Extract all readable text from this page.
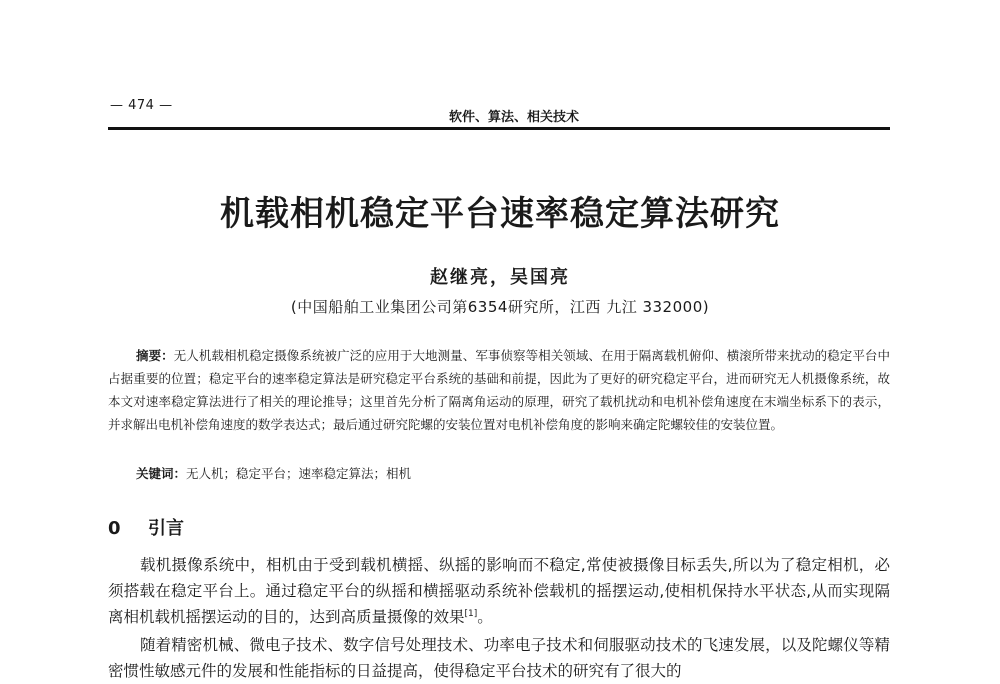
— 474 —
软件、算法、相关技术
机载相机稳定平台速率稳定算法研究
赵继亮，吴国亮
(中国船舶工业集团公司第6354研究所，江西 九江 332000)

摘要：无人机载相机稳定摄像系统被广泛的应用于大地测量、军事侦察等相关领域、在用于隔离载机俯仰、横滚所带来扰动的稳定平台中占据重要的位置；稳定平台的速率稳定算法是研究稳定平台系统的基础和前提，因此为了更好的研究稳定平台，进而研究无人机摄像系统，故本文对速率稳定算法进行了相关的理论推导；这里首先分析了隔离角运动的原理，研究了载机扰动和电机补偿角速度在末端坐标系下的表示，并求解出电机补偿角速度的数学表达式；最后通过研究陀螺的安装位置对电机补偿角度的影响来确定陀螺较佳的安装位置。

关键词：无人机；稳定平台；速率稳定算法；相机

0 引言

载机摄像系统中，相机由于受到载机横摇、纵摇的影响而不稳定,常使被摄像目标丢失,所以为了稳定相机，必须搭载在稳定平台上。通过稳定平台的纵摇和横摇驱动系统补偿载机的摇摆运动,使相机保持水平状态,从而实现隔离相机载机摇摆运动的目的，达到高质量摄像的效果[1]。

随着精密机械、微电子技术、数字信号处理技术、功率电子技术和伺服驱动技术的飞速发展，以及陀螺仪等精密惯性敏感元件的发展和性能指标的日益提高，使得稳定平台技术的研究有了很大的
